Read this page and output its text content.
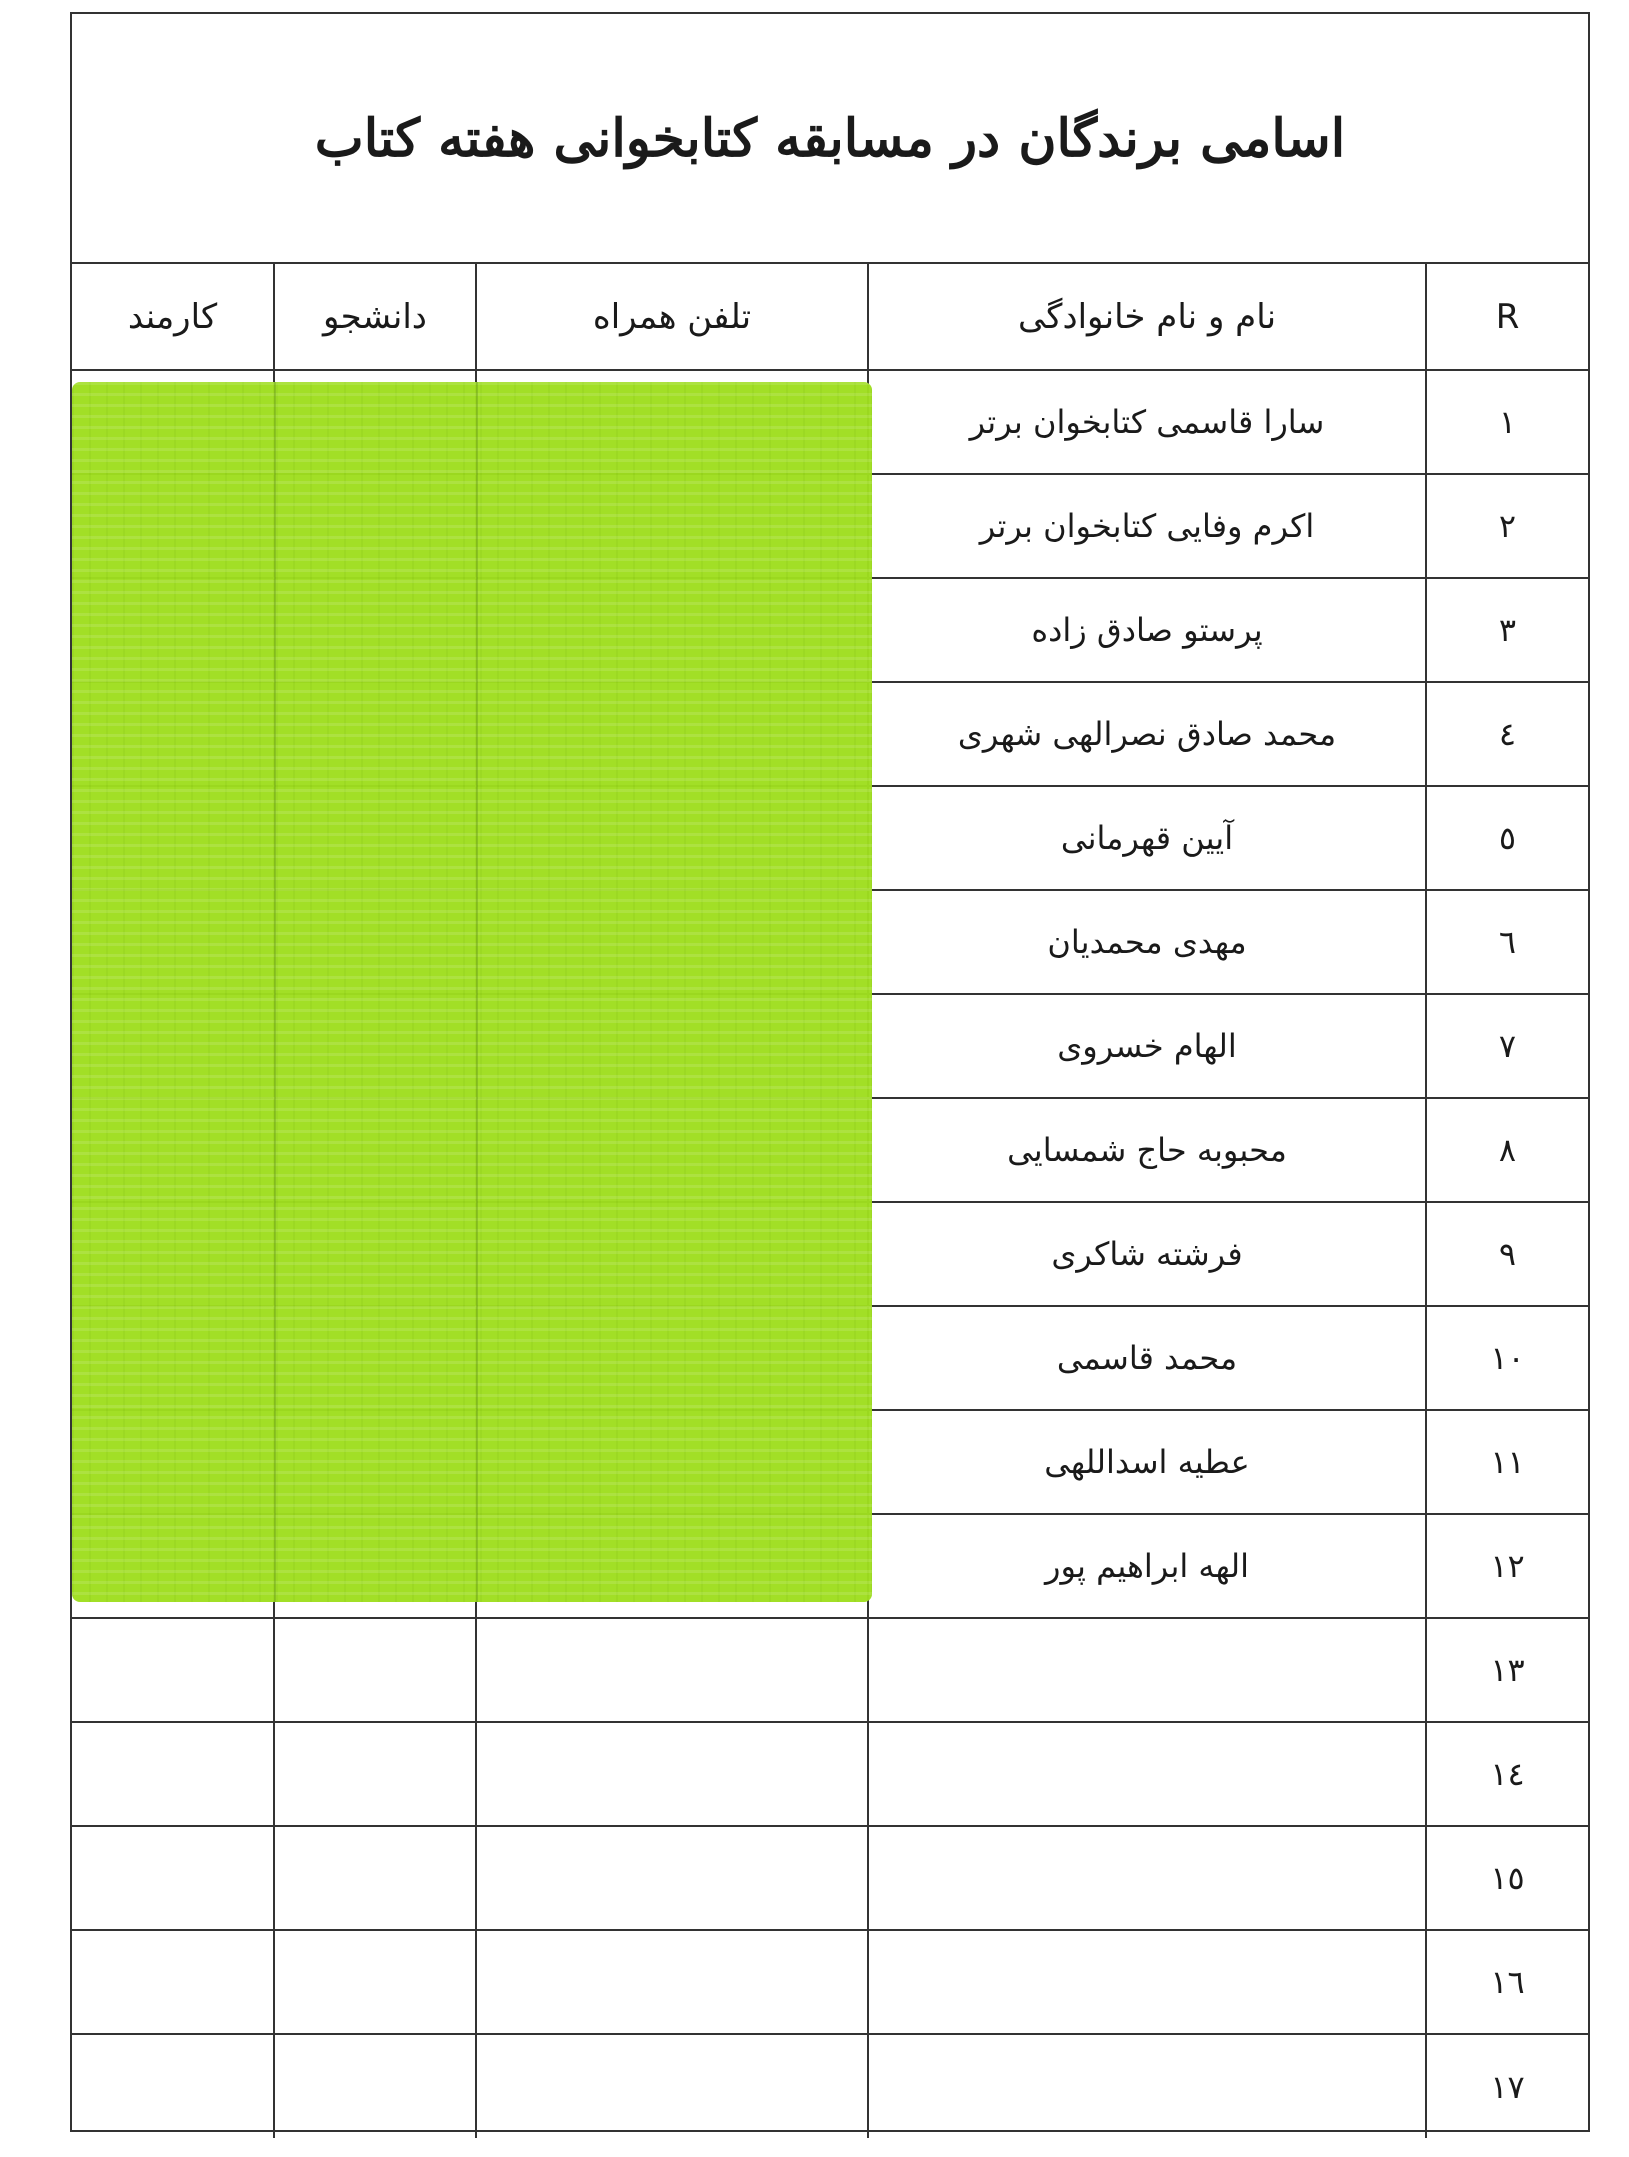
اسامی برندگان در مسابقه کتابخوانی هفته کتاب
R	نام و نام خانوادگی	تلفن همراه	دانشجو	کارمند
١	سارا قاسمی کتابخوان برتر			
٢	اکرم وفایی کتابخوان برتر			
٣	پرستو صادق زاده			
٤	محمد صادق نصرالهی شهری			
٥	آیین قهرمانی			
٦	مهدی محمدیان			
٧	الهام خسروی			
٨	محبوبه حاج شمسایی			
٩	فرشته شاکری			
١٠	محمد قاسمی			
١١	عطیه اسداللهی			
١٢	الهه ابراهیم پور			
١٣				
١٤				
١٥				
١٦				
١٧				
